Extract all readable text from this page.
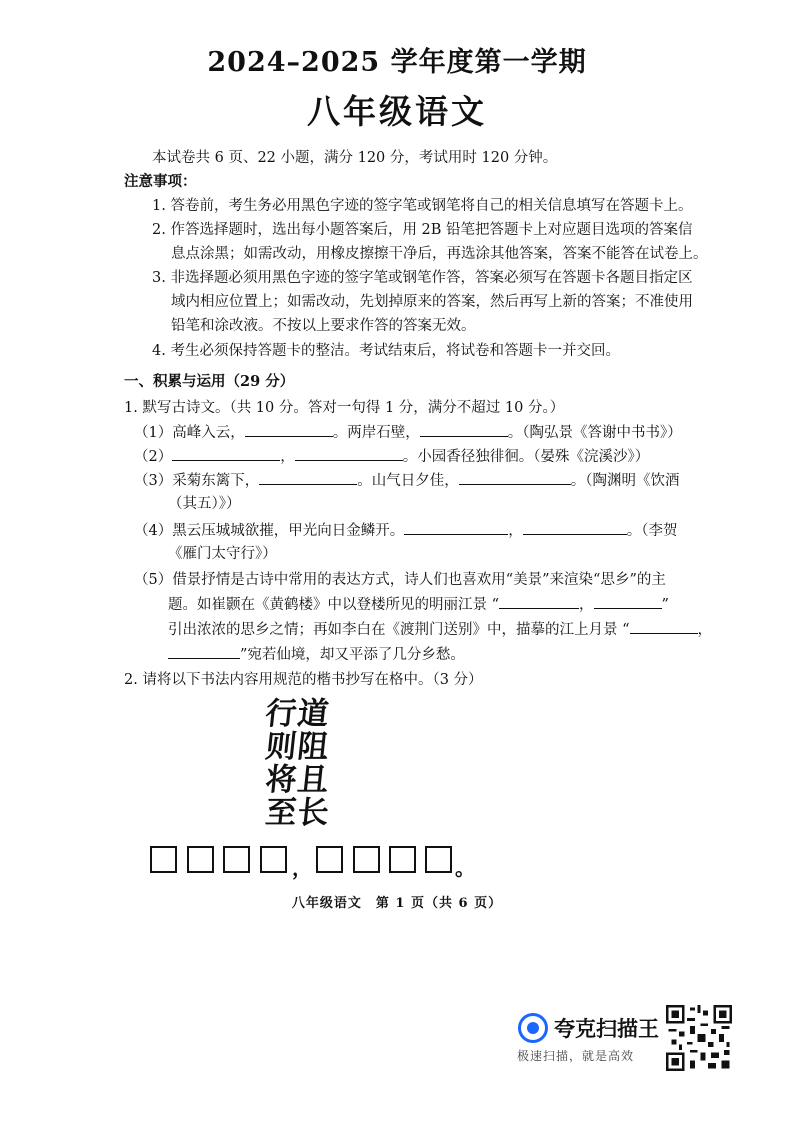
2024–2025 学年度第一学期
八年级语文
本试卷共 6 页、22 小题，满分 120 分，考试用时 120 分钟。
注意事项：
1. 答卷前，考生务必用黑色字迹的签字笔或钢笔将自己的相关信息填写在答题卡上。
2. 作答选择题时，选出每小题答案后，用 2B 铅笔把答题卡上对应题目选项的答案信
息点涂黑；如需改动，用橡皮擦擦干净后，再选涂其他答案，答案不能答在试卷上。
3. 非选择题必须用黑色字迹的签字笔或钢笔作答，答案必须写在答题卡各题目指定区
域内相应位置上；如需改动，先划掉原来的答案，然后再写上新的答案；不准使用
铅笔和涂改液。不按以上要求作答的答案无效。
4. 考生必须保持答题卡的整洁。考试结束后，将试卷和答题卡一并交回。
一、积累与运用（29 分）
1. 默写古诗文。（共 10 分。答对一句得 1 分，满分不超过 10 分。）
（1）高峰入云，	。两岸石壁，	。（陶弘景《答谢中书书》）
（2）	，	。小园香径独徘徊。（晏殊《浣溪沙》）
（3）采菊东篱下，	。山气日夕佳，	。（陶渊明《饮酒
（其五）》）
（4）黑云压城城欲摧，甲光向日金鳞开。	，	。（李贺
《雁门太守行》）
（5）借景抒情是古诗中常用的表达方式，诗人们也喜欢用“美景”来渲染“思乡”的主
题。如崔颢在《黄鹤楼》中以登楼所见的明丽江景 “	，	”
引出浓浓的思乡之情；再如李白在《渡荆门送别》中，描摹的江上月景 “	，
”宛若仙境，却又平添了几分乡愁。
2. 请将以下书法内容用规范的楷书抄写在格中。（3 分）
行
则
将
至
道
阻
且
长
，	。
八年级语文　第 1 页（共 6 页）
夸克扫描王
极速扫描，就是高效
